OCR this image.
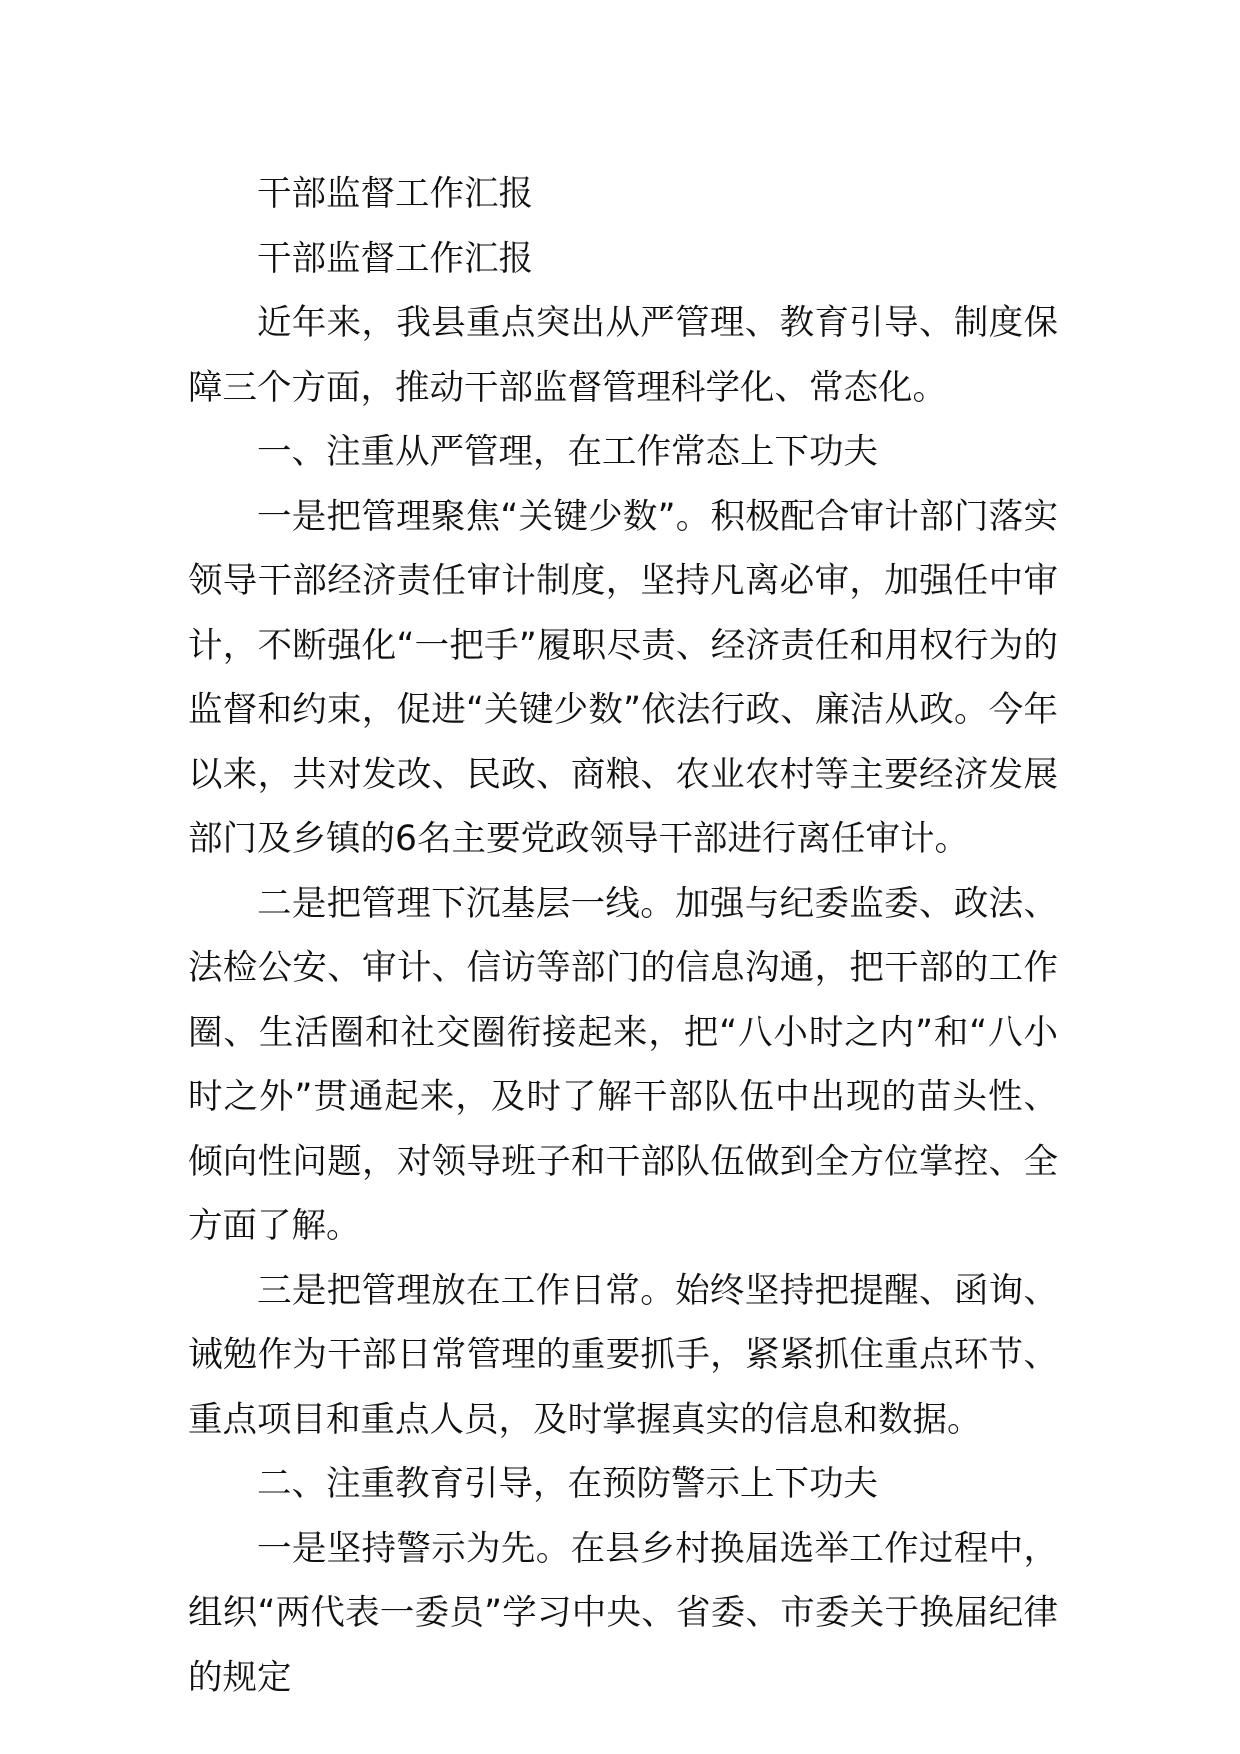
干部监督工作汇报

干部监督工作汇报

近年来，我县重点突出从严管理、教育引导、制度保障三个方面，推动干部监督管理科学化、常态化。

一、注重从严管理，在工作常态上下功夫

一是把管理聚焦“关键少数”。积极配合审计部门落实领导干部经济责任审计制度，坚持凡离必审，加强任中审计，不断强化“一把手”履职尽责、经济责任和用权行为的监督和约束，促进“关键少数”依法行政、廉洁从政。今年以来，共对发改、民政、商粮、农业农村等主要经济发展部门及乡镇的6名主要党政领导干部进行离任审计。

二是把管理下沉基层一线。加强与纪委监委、政法、法检公安、审计、信访等部门的信息沟通，把干部的工作圈、生活圈和社交圈衔接起来，把“八小时之内”和“八小时之外”贯通起来，及时了解干部队伍中出现的苗头性、倾向性问题，对领导班子和干部队伍做到全方位掌控、全方面了解。

三是把管理放在工作日常。始终坚持把提醒、函询、诫勉作为干部日常管理的重要抓手，紧紧抓住重点环节、重点项目和重点人员，及时掌握真实的信息和数据。

二、注重教育引导，在预防警示上下功夫

一是坚持警示为先。在县乡村换届选举工作过程中，组织“两代表一委员”学习中央、省委、市委关于换届纪律的规定
